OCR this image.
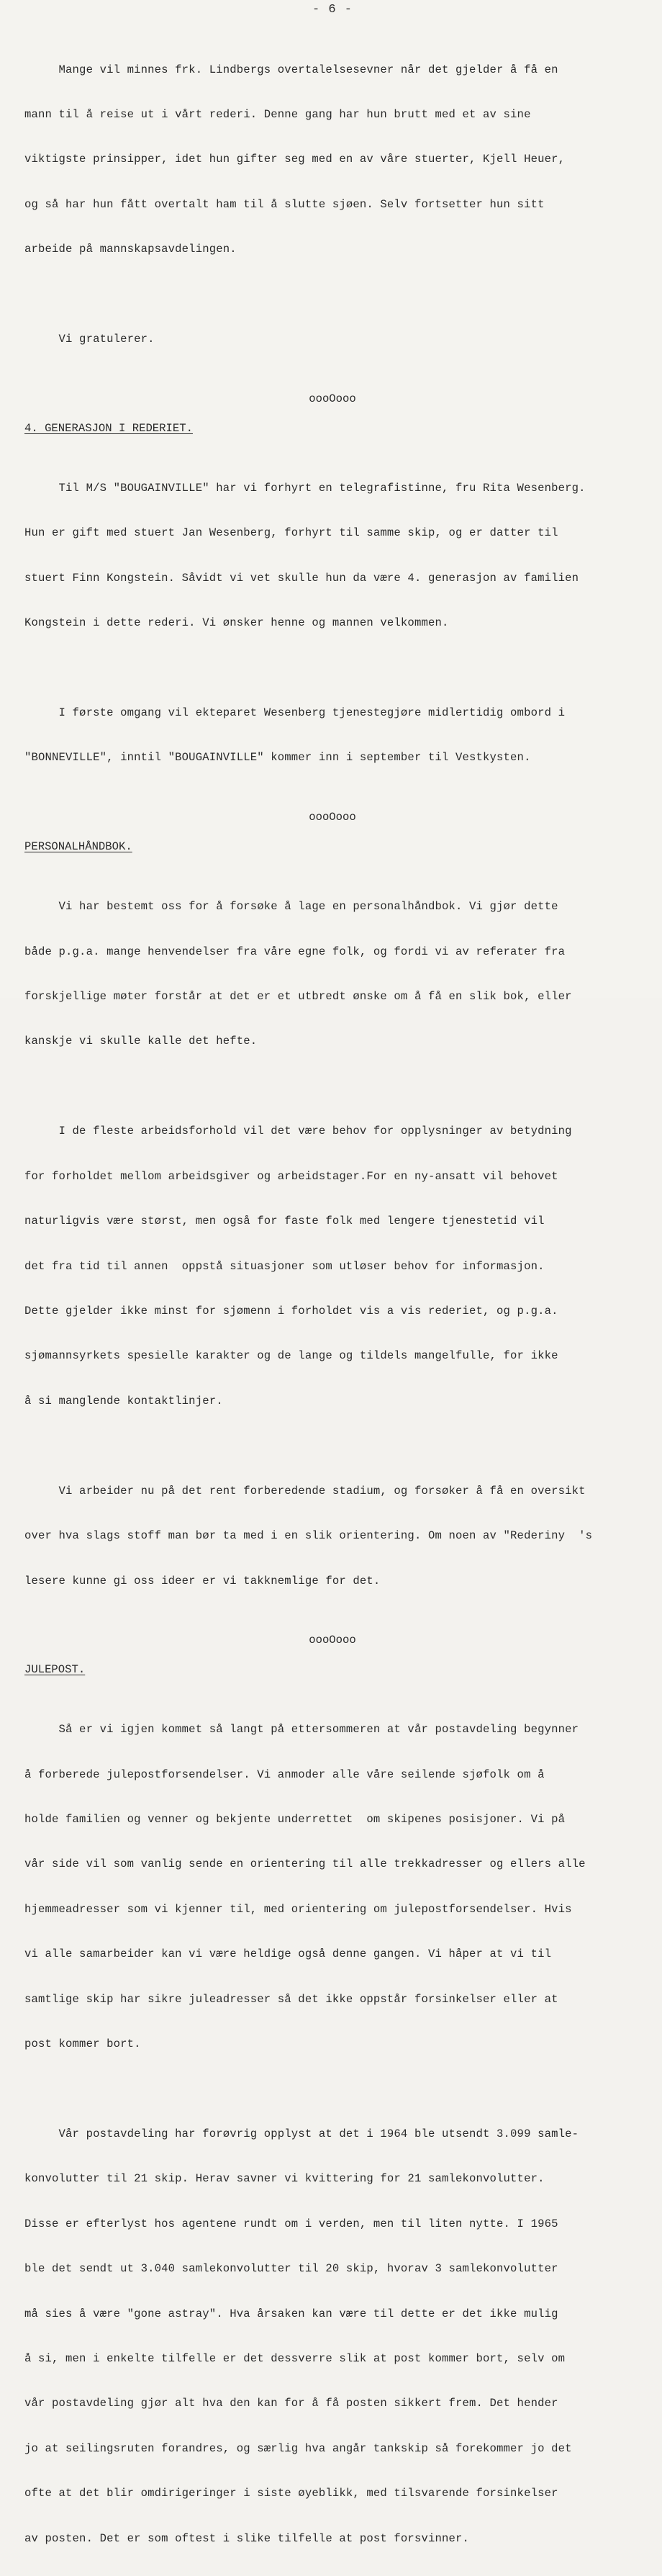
- 6 -

Mange vil minnes frk. Lindbergs overtalelsesevner når det gjelder å få en

mann til å reise ut i vårt rederi. Denne gang har hun brutt med et av sine

viktigste prinsipper, idet hun gifter seg med en av våre stuerter, Kjell Heuer,

og så har hun fått overtalt ham til å slutte sjøen. Selv fortsetter hun sitt

arbeide på mannskapsavdelingen.

Vi gratulerer.

oooOooo
4. GENERASJON I REDERIET.

Til M/S "BOUGAINVILLE" har vi forhyrt en telegrafistinne, fru Rita Wesenberg.

Hun er gift med stuert Jan Wesenberg, forhyrt til samme skip, og er datter til

stuert Finn Kongstein. Såvidt vi vet skulle hun da være 4. generasjon av familien

Kongstein i dette rederi. Vi ønsker henne og mannen velkommen.

I første omgang vil ekteparet Wesenberg tjenestegjøre midlertidig ombord i

"BONNEVILLE", inntil "BOUGAINVILLE" kommer inn i september til Vestkysten.

oooOooo
PERSONALHÅNDBOK.

Vi har bestemt oss for å forsøke å lage en personalhåndbok. Vi gjør dette

både p.g.a. mange henvendelser fra våre egne folk, og fordi vi av referater fra

forskjellige møter forstår at det er et utbredt ønske om å få en slik bok, eller

kanskje vi skulle kalle det hefte.

I de fleste arbeidsforhold vil det være behov for opplysninger av betydning

for forholdet mellom arbeidsgiver og arbeidstager.For en ny-ansatt vil behovet

naturligvis være størst, men også for faste folk med lengere tjenestetid vil

det fra tid til annen  oppstå situasjoner som utløser behov for informasjon.

Dette gjelder ikke minst for sjømenn i forholdet vis a vis rederiet, og p.g.a.

sjømannsyrkets spesielle karakter og de lange og tildels mangelfulle, for ikke

å si manglende kontaktlinjer.

Vi arbeider nu på det rent forberedende stadium, og forsøker å få en oversikt

over hva slags stoff man bør ta med i en slik orientering. Om noen av "Rederiny  's

lesere kunne gi oss ideer er vi takknemlige for det.

oooOooo
JULEPOST.

Så er vi igjen kommet så langt på ettersommeren at vår postavdeling begynner

å forberede julepostforsendelser. Vi anmoder alle våre seilende sjøfolk om å

holde familien og venner og bekjente underrettet  om skipenes posisjoner. Vi på

vår side vil som vanlig sende en orientering til alle trekkadresser og ellers alle

hjemmeadresser som vi kjenner til, med orientering om julepostforsendelser. Hvis

vi alle samarbeider kan vi være heldige også denne gangen. Vi håper at vi til

samtlige skip har sikre juleadresser så det ikke oppstår forsinkelser eller at

post kommer bort.

Vår postavdeling har forøvrig opplyst at det i 1964 ble utsendt 3.099 samle-

konvolutter til 21 skip. Herav savner vi kvittering for 21 samlekonvolutter.

Disse er efterlyst hos agentene rundt om i verden, men til liten nytte. I 1965

ble det sendt ut 3.040 samlekonvolutter til 20 skip, hvorav 3 samlekonvolutter

må sies å være "gone astray". Hva årsaken kan være til dette er det ikke mulig

å si, men i enkelte tilfelle er det dessverre slik at post kommer bort, selv om

vår postavdeling gjør alt hva den kan for å få posten sikkert frem. Det hender

jo at seilingsruten forandres, og særlig hva angår tankskip så forekommer jo det

ofte at det blir omdirigeringer i siste øyeblikk, med tilsvarende forsinkelser

av posten. Det er som oftest i slike tilfelle at post forsvinner.
